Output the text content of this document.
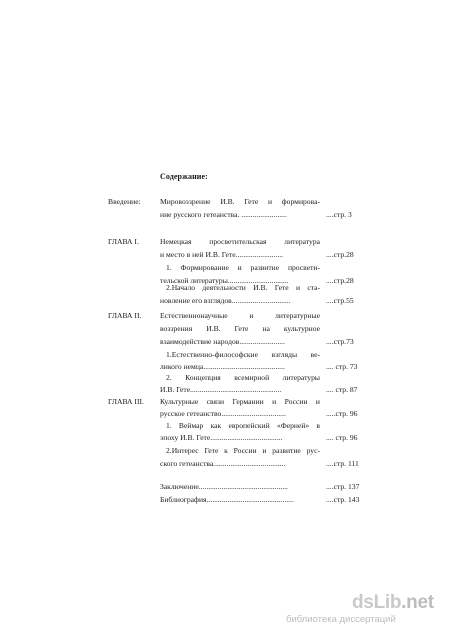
Содержание:
Введение:	Мировоззрение И.В. Гете и формирова-
ние русского гетеанства. ........................	....стр. 3
ГЛАВА I.	Немецкая просветительская литература
и место в ней И.В. Гете.........................	....стр.28
1. Формирование и развитие просвети-
тельской литературы................................	....стр.28
2.Начало деятельности И.В. Гете и ста-
новление его взглядов...............................	....стр.55
ГЛАВА II. Естественнонаучные и литературные
воззрения И.В. Гете на культурное
взаимодействие народов........................	....стр.73
1.Естественно-философские взгляды ве-
ликого немца...........................................	.... стр. 73
2. Концепция всемирной литературы
И.В. Гете................................................	.... стр. 87
ГЛАВА III. Культурные связи Германии и России и
русское гетеанство..................................	.....стр. 96
1. Веймар как европейский «Ферней» в
эпоху И.В. Гете......................................	.... стр. 96
2.Интерес Гете к России и развитие рус-
ского гетеанства......................................	....стр. 111
Заключение...............................................	....стр. 137
Библиография..............................................	....стр. 143
dsLib.net
библиотека диссертаций
